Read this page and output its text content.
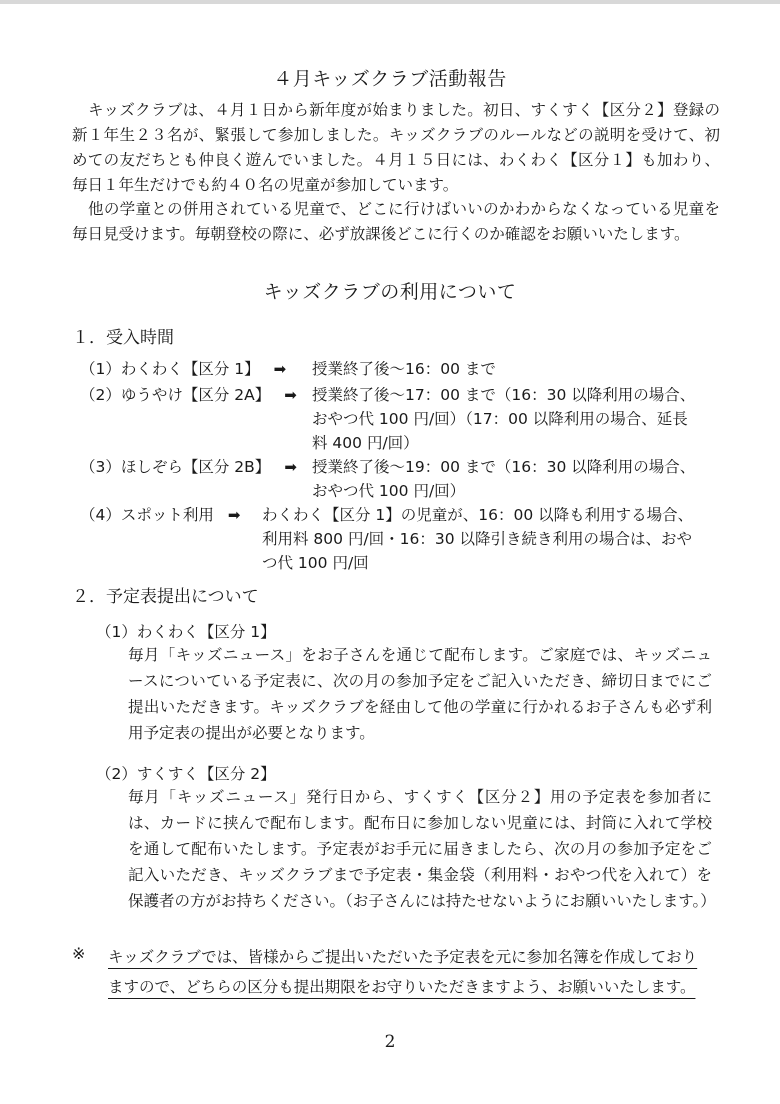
４月キッズクラブ活動報告
キッズクラブは、４月１日から新年度が始まりました。初日、すくすく【区分２】登録の新１年生２３名が、緊張して参加しました。キッズクラブのルールなどの説明を受けて、初めての友だちとも仲良く遊んでいました。４月１５日には、わくわく【区分１】も加わり、毎日１年生だけでも約４０名の児童が参加しています。
他の学童との併用されている児童で、どこに行けばいいのかわからなくなっている児童を毎日見受けます。毎朝登校の際に、必ず放課後どこに行くのか確認をお願いいたします。
キッズクラブの利用について
１．受入時間
（1）わくわく【区分 1】 ➡	授業終了後～16：00 まで
（2）ゆうやけ【区分 2A】 ➡ 授業終了後～17：00 まで（16：30 以降利用の場合、
おやつ代 100 円/回）（17：00 以降利用の場合、延長
料 400 円/回）
（3）ほしぞら【区分 2B】 ➡ 授業終了後～19：00 まで（16：30 以降利用の場合、
おやつ代 100 円/回）
（4）スポット利用 ➡	わくわく【区分 1】の児童が、16：00 以降も利用する場合、
利用料 800 円/回・16：30 以降引き続き利用の場合は、おや
つ代 100 円/回
２．予定表提出について
（1）わくわく【区分 1】
毎月「キッズニュース」をお子さんを通じて配布します。ご家庭では、キッズニュースについている予定表に、次の月の参加予定をご記入いただき、締切日までにご提出いただきます。キッズクラブを経由して他の学童に行かれるお子さんも必ず利用予定表の提出が必要となります。
（2）すくすく【区分 2】
毎月「キッズニュース」発行日から、すくすく【区分２】用の予定表を参加者には、カードに挟んで配布します。配布日に参加しない児童には、封筒に入れて学校を通して配布いたします。予定表がお手元に届きましたら、次の月の参加予定をご記入いただき、キッズクラブまで予定表・集金袋（利用料・おやつ代を入れて）を保護者の方がお持ちください。（お子さんには持たせないようにお願いいたします。）
※ キッズクラブでは、皆様からご提出いただいた予定表を元に参加名簿を作成しておりますので、どちらの区分も提出期限をお守りいただきますよう、お願いいたします。
2
